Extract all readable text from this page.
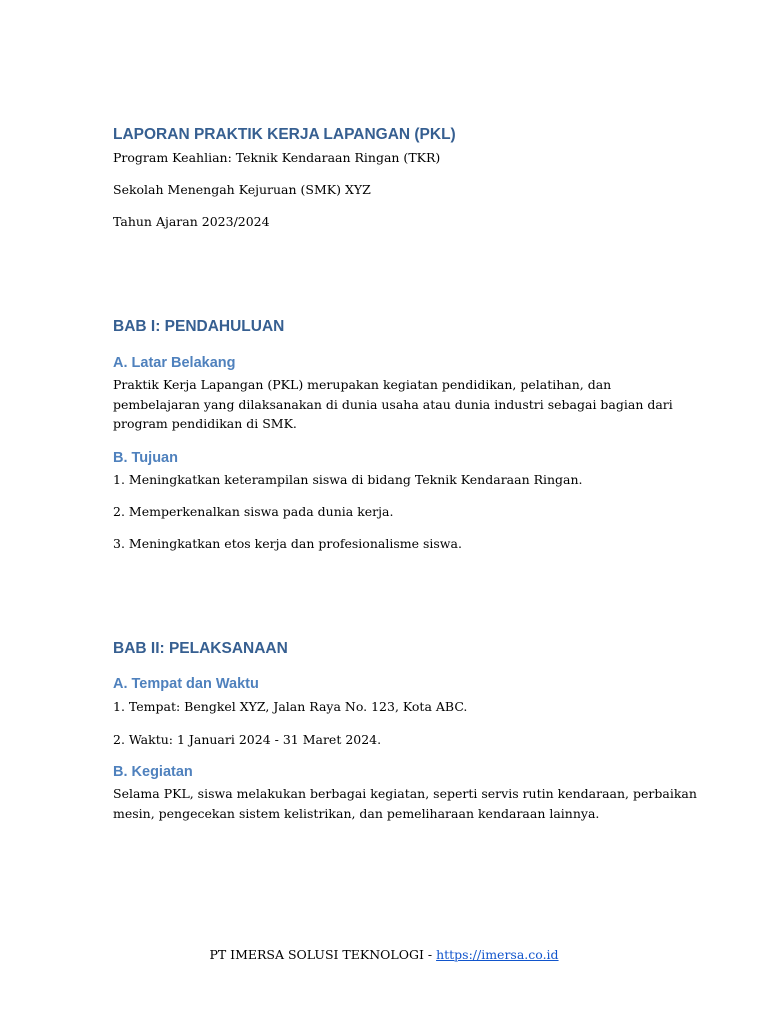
LAPORAN PRAKTIK KERJA LAPANGAN (PKL)

Program Keahlian: Teknik Kendaraan Ringan (TKR)

Sekolah Menengah Kejuruan (SMK) XYZ

Tahun Ajaran 2023/2024

BAB I: PENDAHULUAN
A. Latar Belakang

Praktik Kerja Lapangan (PKL) merupakan kegiatan pendidikan, pelatihan, dan

pembelajaran yang dilaksanakan di dunia usaha atau dunia industri sebagai bagian dari

program pendidikan di SMK.

B. Tujuan

1. Meningkatkan keterampilan siswa di bidang Teknik Kendaraan Ringan.

2. Memperkenalkan siswa pada dunia kerja.

3. Meningkatkan etos kerja dan profesionalisme siswa.

BAB II: PELAKSANAAN
A. Tempat dan Waktu

1. Tempat: Bengkel XYZ, Jalan Raya No. 123, Kota ABC.

2. Waktu: 1 Januari 2024 - 31 Maret 2024.

B. Kegiatan

Selama PKL, siswa melakukan berbagai kegiatan, seperti servis rutin kendaraan, perbaikan

mesin, pengecekan sistem kelistrikan, dan pemeliharaan kendaraan lainnya.

PT IMERSA SOLUSI TEKNOLOGI - https://imersa.co.id
